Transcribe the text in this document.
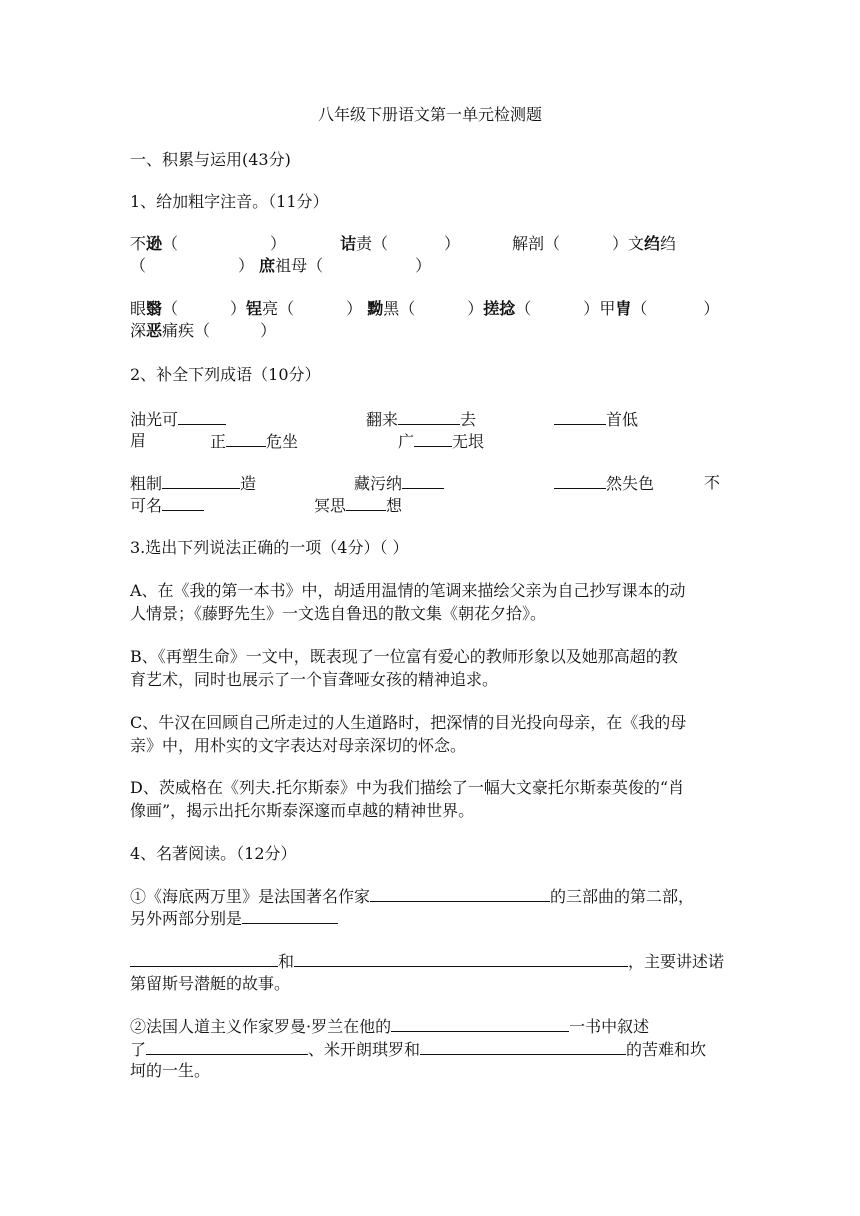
八年级下册语文第一单元检测题
一、积累与运用(43分)
1、给加粗字注音。（11分）
不逊（	）	诘责（	）	解剖（	）文绉绉
（	） 庶祖母（	）
眼翳（	）锃亮（	） 黝黑（	）搓捻（	）甲胄（	）
深恶痛疾（	）
2、补全下列成语（10分）
油光可	翻来	去	首低
眉	正	危坐	广 无垠
粗制	造	藏污纳	然失色	不
可名	冥思	想
3.选出下列说法正确的一项（4分）（ ）
A、在《我的第一本书》中，胡适用温情的笔调来描绘父亲为自己抄写课本的动
人情景；《藤野先生》一文选自鲁迅的散文集《朝花夕拾》。
B、《再塑生命》一文中，既表现了一位富有爱心的教师形象以及她那高超的教
育艺术，同时也展示了一个盲聋哑女孩的精神追求。
C、牛汉在回顾自己所走过的人生道路时，把深情的目光投向母亲，在《我的母
亲》中，用朴实的文字表达对母亲深切的怀念。
D、茨威格在《列夫.托尔斯泰》中为我们描绘了一幅大文豪托尔斯泰英俊的“肖
像画”，揭示出托尔斯泰深邃而卓越的精神世界。
4、名著阅读。（12分）
①《海底两万里》是法国著名作家	的三部曲的第二部，
另外两部分别是
和	，主要讲述诺
第留斯号潜艇的故事。
②法国人道主义作家罗曼·罗兰在他的	一书中叙述
了	、米开朗琪罗和	的苦难和坎
坷的一生。
